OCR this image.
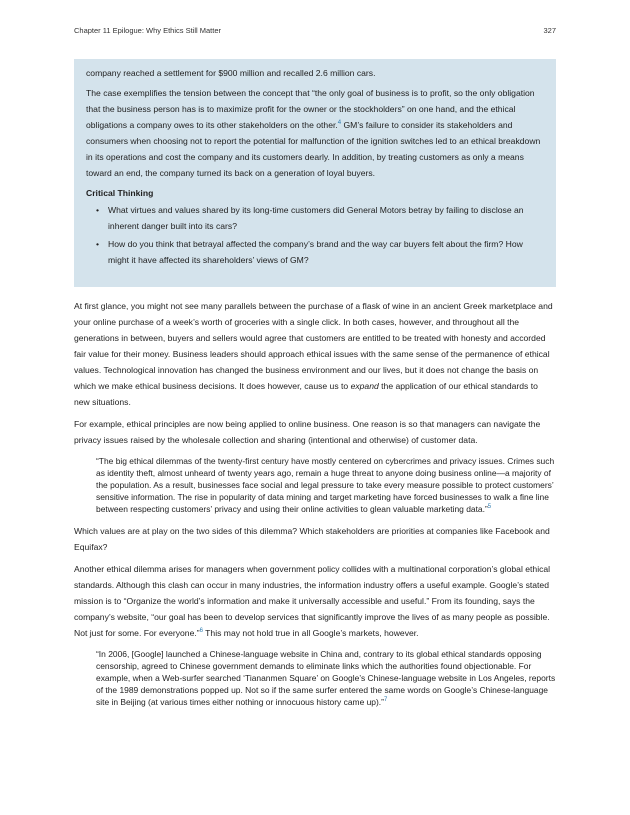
Chapter 11 Epilogue: Why Ethics Still Matter	327

company reached a settlement for $900 million and recalled 2.6 million cars.

The case exemplifies the tension between the concept that “the only goal of business is to profit, so the only obligation that the business person has is to maximize profit for the owner or the stockholders” on one hand, and the ethical obligations a company owes to its other stakeholders on the other.$^4$ GM’s failure to consider its stakeholders and consumers when choosing not to report the potential for malfunction of the ignition switches led to an ethical breakdown in its operations and cost the company and its customers dearly. In addition, by treating customers as only a means toward an end, the company turned its back on a generation of loyal buyers.

Critical Thinking
• What virtues and values shared by its long-time customers did General Motors betray by failing to disclose an inherent danger built into its cars?
• How do you think that betrayal affected the company’s brand and the way car buyers felt about the firm? How might it have affected its shareholders’ views of GM?

At first glance, you might not see many parallels between the purchase of a flask of wine in an ancient Greek marketplace and your online purchase of a week’s worth of groceries with a single click. In both cases, however, and throughout all the generations in between, buyers and sellers would agree that customers are entitled to be treated with honesty and accorded fair value for their money. Business leaders should approach ethical issues with the same sense of the permanence of ethical values. Technological innovation has changed the business environment and our lives, but it does not change the basis on which we make ethical business decisions. It does however, cause us to expand the application of our ethical standards to new situations.

For example, ethical principles are now being applied to online business. One reason is so that managers can navigate the privacy issues raised by the wholesale collection and sharing (intentional and otherwise) of customer data.

“The big ethical dilemmas of the twenty-first century have mostly centered on cybercrimes and privacy issues. Crimes such as identity theft, almost unheard of twenty years ago, remain a huge threat to anyone doing business online—a majority of the population. As a result, businesses face social and legal pressure to take every measure possible to protect customers’ sensitive information. The rise in popularity of data mining and target marketing have forced businesses to walk a fine line between respecting customers’ privacy and using their online activities to glean valuable marketing data.”$^5$

Which values are at play on the two sides of this dilemma? Which stakeholders are priorities at companies like Facebook and Equifax?

Another ethical dilemma arises for managers when government policy collides with a multinational corporation’s global ethical standards. Although this clash can occur in many industries, the information industry offers a useful example. Google’s stated mission is to “Organize the world’s information and make it universally accessible and useful.” From its founding, says the company’s website, “our goal has been to develop services that significantly improve the lives of as many people as possible. Not just for some. For everyone.”$^6$ This may not hold true in all Google’s markets, however.

“In 2006, [Google] launched a Chinese-language website in China and, contrary to its global ethical standards opposing censorship, agreed to Chinese government demands to eliminate links which the authorities found objectionable. For example, when a Web-surfer searched ‘Tiananmen Square’ on Google’s Chinese-language website in Los Angeles, reports of the 1989 demonstrations popped up. Not so if the same surfer entered the same words on Google’s Chinese-language site in Beijing (at various times either nothing or innocuous history came up).”$^7$
